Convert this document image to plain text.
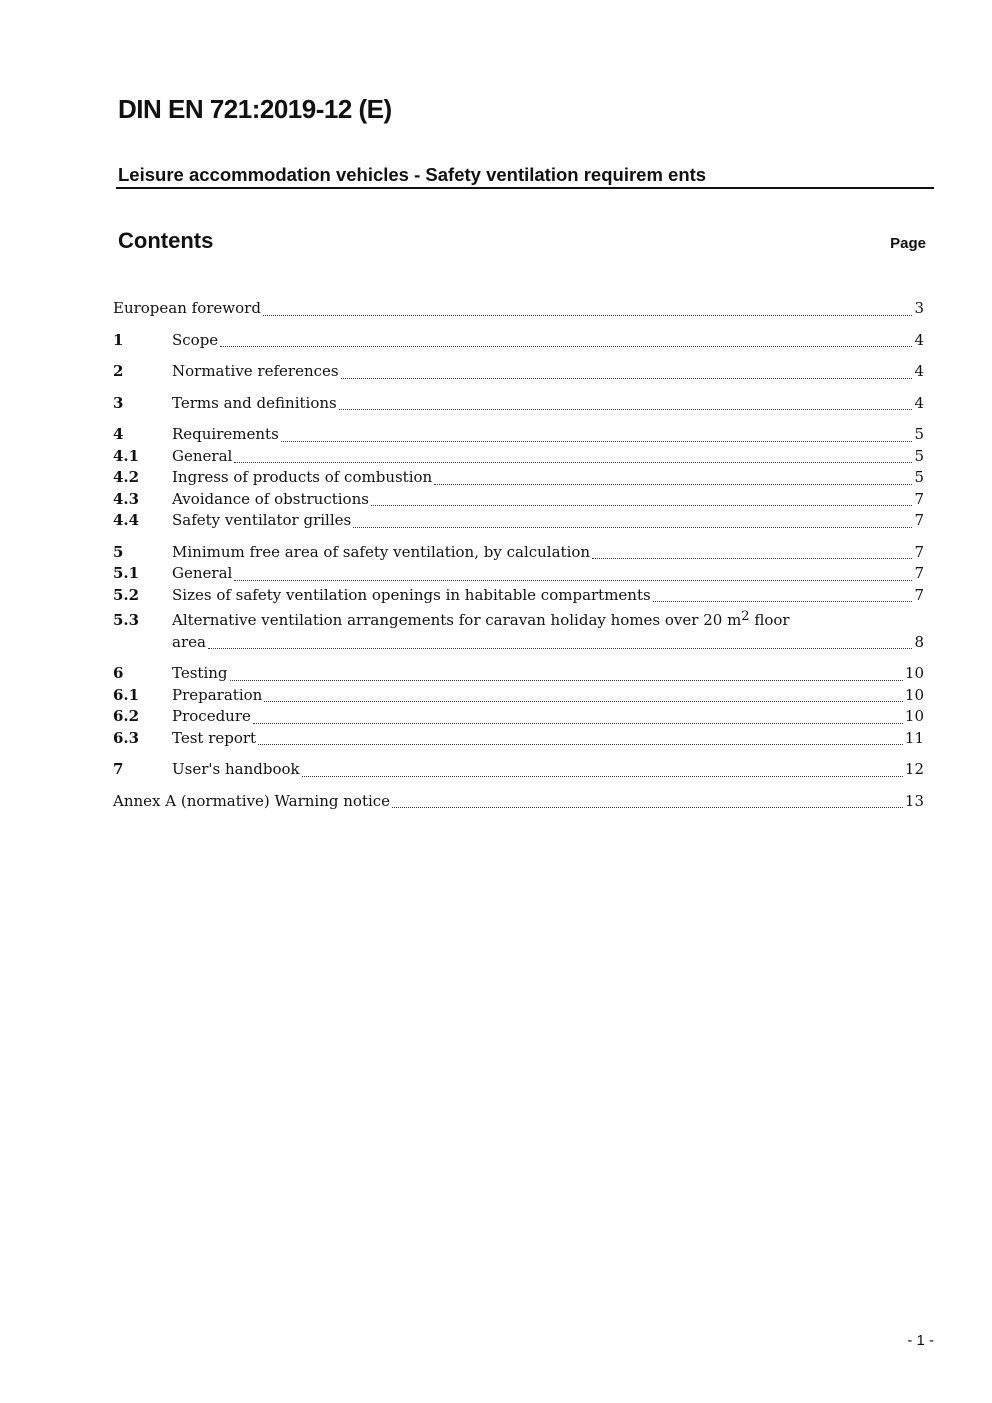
DIN EN 721:2019-12 (E)
Leisure accommodation vehicles - Safety ventilation requirem ents
Contents	Page
European foreword	3
1	Scope	4
2	Normative references	4
3	Terms and definitions	4
4	Requirements	5
4.1 General	5
4.2 Ingress of products of combustion	5
4.3 Avoidance of obstructions	7
4.4 Safety ventilator grilles	7
5	Minimum free area of safety ventilation, by calculation	7
5.1 General	7
5.2 Sizes of safety ventilation openings in habitable compartments	7
5.3 Alternative ventilation arrangements for caravan holiday homes over 20 $m^2$ floor
area	8
6	Testing	10
6.1 Preparation	10
6.2 Procedure	10
6.3 Test report	11
7	User's handbook	12
Annex A (normative) Warning notice	13
- 1 -
